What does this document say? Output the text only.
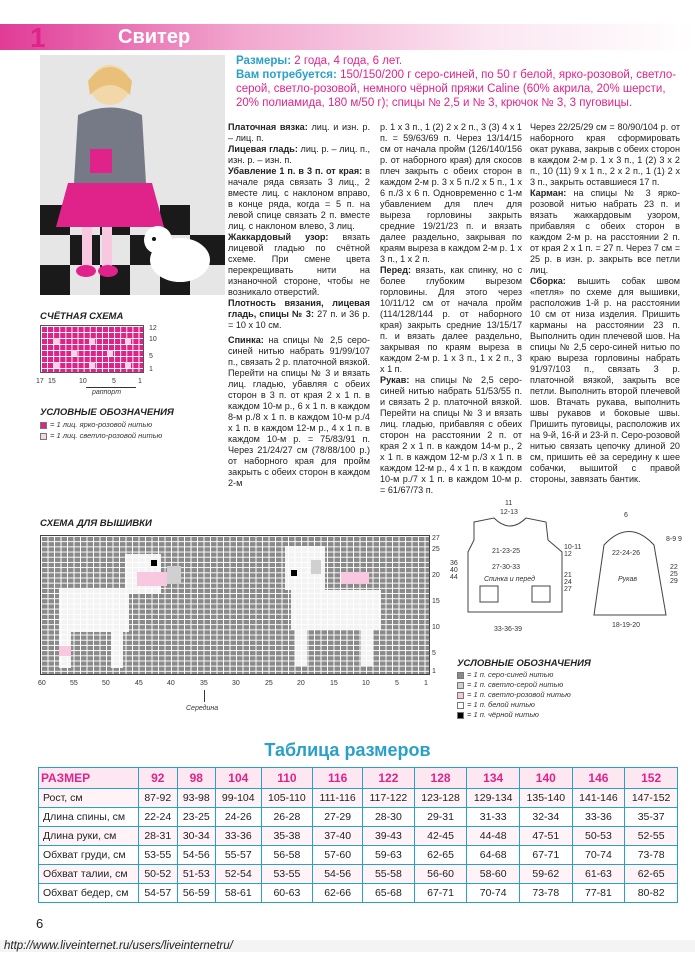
1	Свитер
Размеры: 2 года, 4 года, 6 лет.
Вам потребуется: 150/150/200 г серо-синей, по 50 г белой, ярко-розовой, светло-серой, светло-розовой, немного чёрной пряжи Caline (60% акрила, 20% шерсти, 20% полиамида, 180 м/50 г); спицы № 2,5 и № 3, крючок № 3, 3 пуговицы.

Платочная вязка: лиц. и изн. р. – лиц. п.

Лицевая гладь: лиц. р. – лиц. п., изн. р. – изн. п.

Убавление 1 п. в 3 п. от края: в начале ряда связать 3 лиц., 2 вместе лиц. с наклоном вправо, в конце ряда, когда = 5 п. на левой спице связать 2 п. вместе лиц. с наклоном влево, 3 лиц.

Жаккардовый узор: вязать лицевой гладью по счётной схеме. При смене цвета перекрещивать нити на изнаночной стороне, чтобы не возникало отверстий.

Плотность вязания, лицевая гладь, спицы № 3: 27 п. и 36 р. = 10 х 10 см.

Спинка: на спицы № 2,5 серо-синей нитью набрать 91/99/107 п., связать 2 р. платочной вязкой. Перейти на спицы № 3 и вязать лиц. гладью, убавляя с обеих сторон в 3 п. от края 2 х 1 п. в каждом 10-м р., 6 х 1 п. в каждом 8-м р./8 х 1 п. в каждом 10-м р./4 х 1 п. в каждом 12-м р., 4 х 1 п. в каждом 10-м р. = 75/83/91 п. Через 21/24/27 см (78/88/100 р.) от наборного края для пройм закрыть с обеих сторон в каждом 2-м

р. 1 х 3 п., 1 (2) 2 х 2 п., 3 (3) 4 х 1 п. = 59/63/69 п. Через 13/14/15 см от начала пройм (126/140/156 р. от наборного края) для скосов плеч закрыть с обеих сторон в каждом 2-м р. 3 х 5 п./2 х 5 п., 1 х 6 п./3 х 6 п. Одновременно с 1-м убавлением для плеч для выреза горловины закрыть средние 19/21/23 п. и вязать далее раздельно, закрывая по краям выреза в каждом 2-м р. 1 х 3 п., 1 х 2 п.

Перед: вязать, как спинку, но с более глубоким вырезом горловины. Для этого через 10/11/12 см от начала пройм (114/128/144 р. от наборного края) закрыть средние 13/15/17 п. и вязать далее раздельно, закрывая по краям выреза в каждом 2-м р. 1 х 3 п., 1 х 2 п., 3 х 1 п.

Рукав: на спицы № 2,5 серо-синей нитью набрать 51/53/55 п. и связать 2 р. платочной вязкой. Перейти на спицы № 3 и вязать лиц. гладью, прибавляя с обеих сторон на расстоянии 2 п. от края 2 х 1 п. в каждом 14-м р., 2 х 1 п. в каждом 12-м р./3 х 1 п. в каждом 12-м р., 4 х 1 п. в каждом 10-м р./7 х 1 п. в каждом 10-м р. = 61/67/73 п.

Через 22/25/29 см = 80/90/104 р. от наборного края сформировать окат рукава, закрыв с обеих сторон в каждом 2-м р. 1 х 3 п., 1 (2) 3 х 2 п., 10 (11) 9 х 1 п., 2 х 2 п., 1 (1) 2 х 3 п., закрыть оставшиеся 17 п.

Карман: на спицы № 3 ярко-розовой нитью набрать 23 п. и вязать жаккардовым узором, прибавляя с обеих сторон в каждом 2-м р. на расстоянии 2 п. от края 2 х 1 п. = 27 п. Через 7 см = 25 р. в изн. р. закрыть все петли лиц.

Сборка: вышить собак швом «петля» по схеме для вышивки, расположив 1-й р. на расстоянии 10 см от низа изделия. Пришить карманы на расстоянии 23 п. Выполнить один плечевой шов. На спицы № 2,5 серо-синей нитью по краю выреза горловины набрать 91/97/103 п., связать 3 р. платочной вязкой, закрыть все петли. Выполнить второй плечевой шов. Втачать рукава, выполнить швы рукавов и боковые швы. Пришить пуговицы, расположив их на 9-й, 16-й и 23-й п. Серо-розовой нитью связать цепочку длиной 20 см, пришить её за середину к шее собачки, вышитой с правой стороны, завязать бантик.

СЧЁТНАЯ СХЕМА
12
10
5
1
17 15	10	5	1
раппорт
УСЛОВНЫЕ ОБОЗНАЧЕНИЯ
= 1 лиц. ярко-розовой нитью
= 1 лиц. светло-розовой нитью
СХЕМА ДЛЯ ВЫШИВКИ
27
25
20
15
10
5
1
60	55	50	45	40	35	30	25	20	15	10	5	1
Середина
11
12-13
21-23-25
27-30-33
10-11 12
21 24 27
36 40 44	Спинка и перед
33-36-39
6
22-24-26
8-9 9
22 25 29
Рукав
18-19-20
УСЛОВНЫЕ ОБОЗНАЧЕНИЯ
= 1 п. серо-синей нитью
= 1 п. светло-серой нитью
= 1 п. светло-розовой нитью
= 1 п. белой нитью
= 1 п. чёрной нитью
Таблица размеров
РАЗМЕР	92	98	104	110	116	122	128	134	140	146	152
Рост, см	87-92	93-98	99-104	105-110	111-116	117-122	123-128	129-134	135-140	141-146	147-152
Длина спины, см	22-24	23-25	24-26	26-28	27-29	28-30	29-31	31-33	32-34	33-36	35-37
Длина руки, см	28-31	30-34	33-36	35-38	37-40	39-43	42-45	44-48	47-51	50-53	52-55
Обхват груди, см	53-55	54-56	55-57	56-58	57-60	59-63	62-65	64-68	67-71	70-74	73-78
Обхват талии, см	50-52	51-53	52-54	53-55	54-56	55-58	56-60	58-60	59-62	61-63	62-65
Обхват бедер, см	54-57	56-59	58-61	60-63	62-66	65-68	67-71	70-74	73-78	77-81	80-82
6
http://www.liveinternet.ru/users/liveinternetru/
